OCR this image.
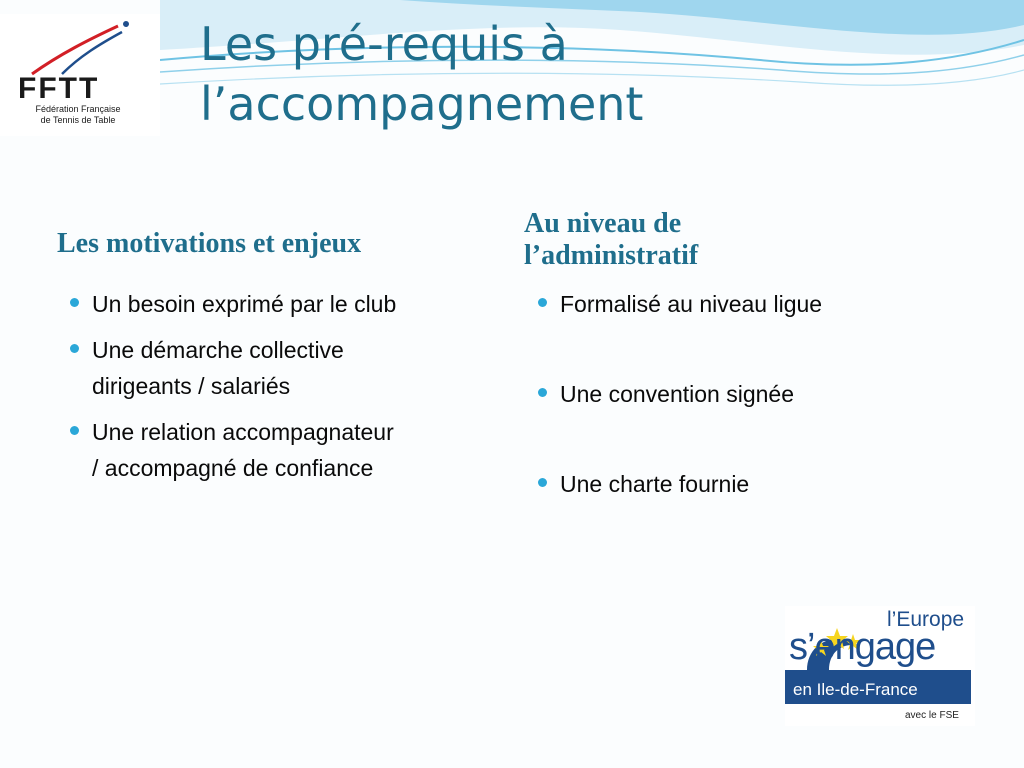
FFTT
Fédération Française
de Tennis de Table
Les pré-requis à
l’accompagnement
Les motivations et enjeux
Au niveau de
l’administratif
Un besoin exprimé par le club
Une démarche collective
dirigeants / salariés
Une relation accompagnateur
/ accompagné de confiance
Formalisé au niveau ligue
Une convention signée
Une charte fournie
l’Europe
s’engage
en Ile-de-France
avec le FSE
